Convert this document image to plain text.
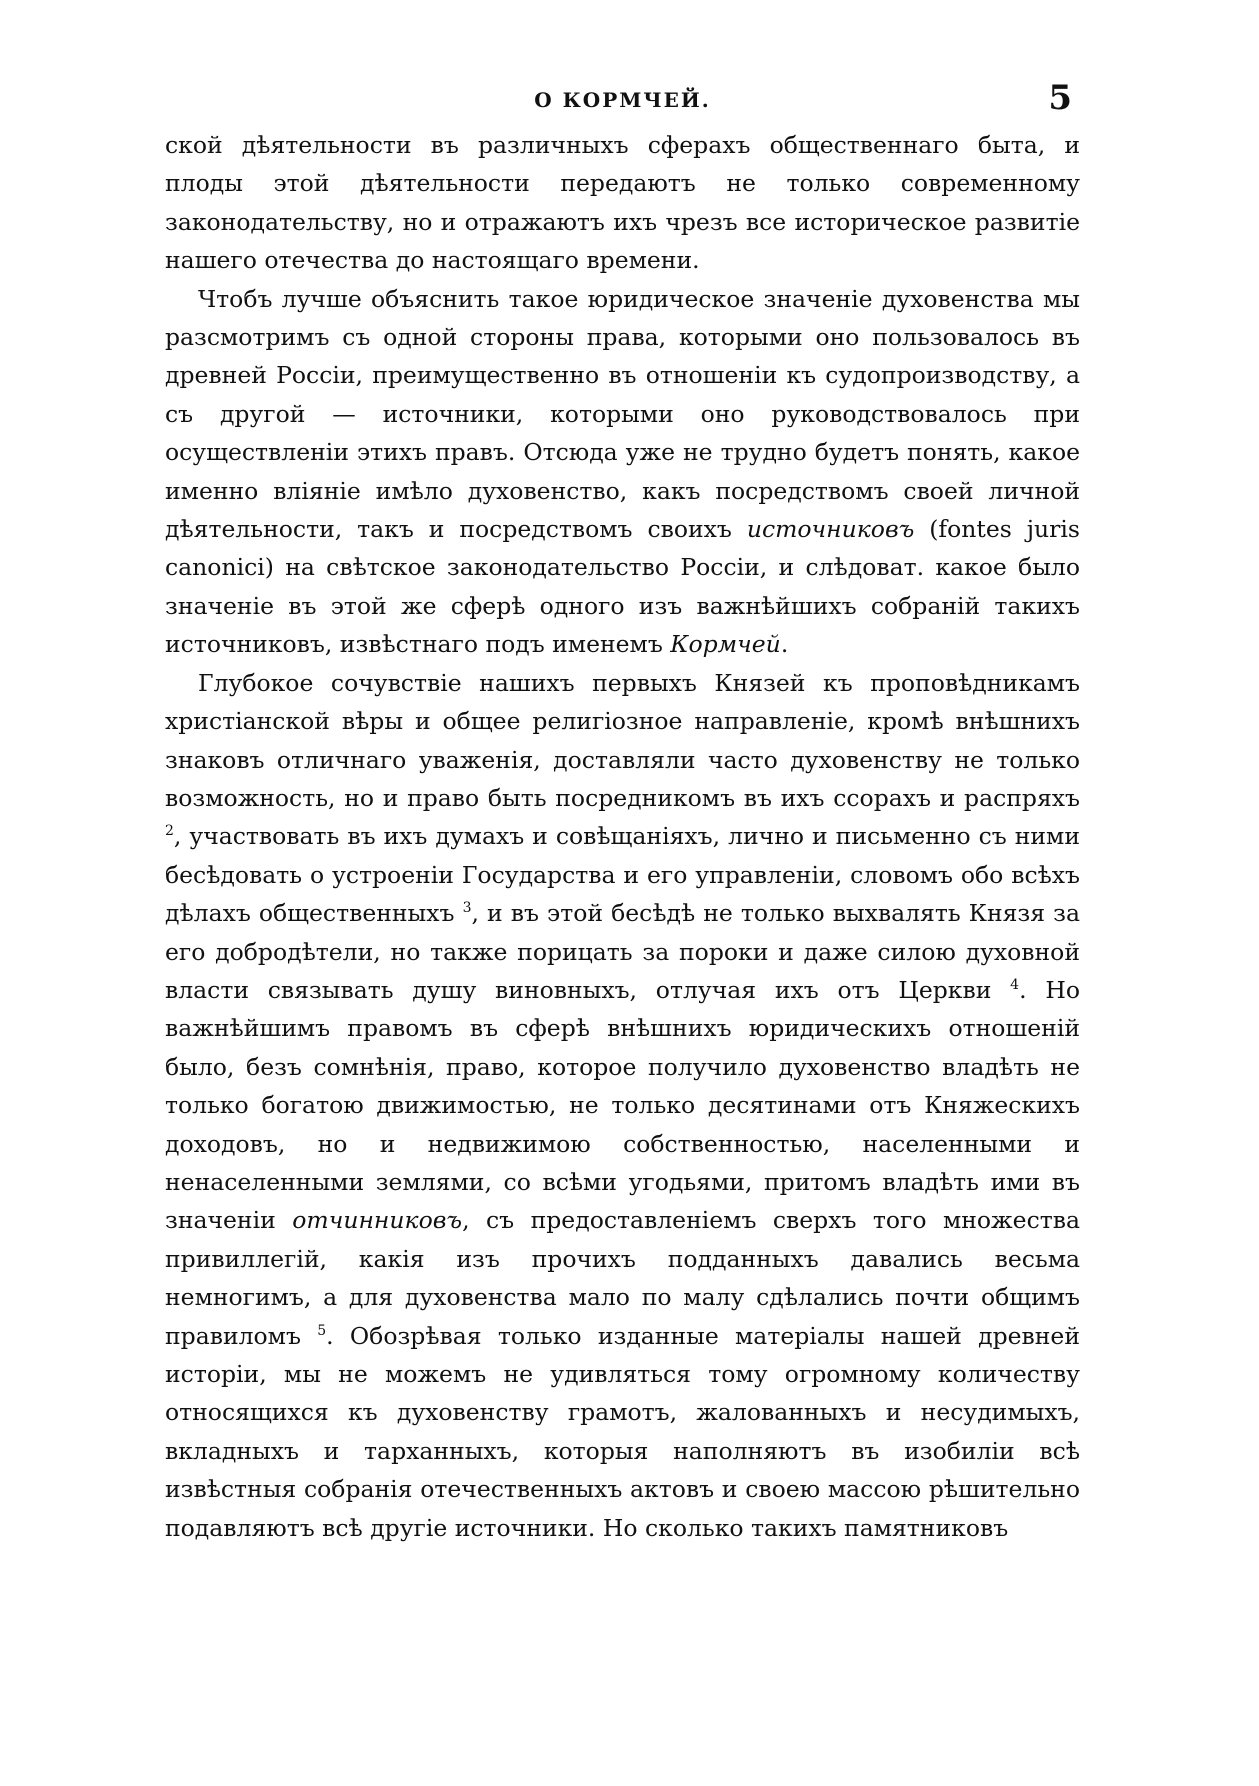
О КОРМЧЕЙ.	5

ской дѣятельности въ различныхъ сферахъ общественнаго быта, и плоды этой дѣятельности передаютъ не только современному законодательству, но и отражаютъ ихъ чрезъ все историческое развитiе нашего отечества до настоящаго времени.

Чтобъ лучше объяснить такое юридическое значенiе духовенства мы разсмотримъ съ одной стороны права, которыми оно пользовалось въ древней Россiи, преимущественно въ отношенiи къ судопроизводству, а съ другой — источники, которыми оно руководствовалось при осуществленiи этихъ правъ. Отсюда уже не трудно будетъ понять, какое именно влiянiе имѣло духовенство, какъ посредствомъ своей личной дѣятельности, такъ и посредствомъ своихъ источниковъ (fontes juris canonici) на свѣтское законодательство Россiи, и слѣдоват. какое было значенiе въ этой же сферѣ одного изъ важнѣйшихъ собранiй такихъ источниковъ, извѣстнаго подъ именемъ Кормчей.

Глубокое сочувствiе нашихъ первыхъ Князей къ проповѣдникамъ христiанской вѣры и общее религiозное направленiе, кромѣ внѣшнихъ знаковъ отличнаго уваженiя, доставляли часто духовенству не только возможность, но и право быть посредникомъ въ ихъ ссорахъ и распряхъ $^2$, участвовать въ ихъ думахъ и совѣщанiяхъ, лично и письменно съ ними бесѣдовать о устроенiи Государства и его управленiи, словомъ обо всѣхъ дѣлахъ общественныхъ $^3$, и въ этой бесѣдѣ не только выхвалять Князя за его добродѣтели, но также порицать за пороки и даже силою духовной власти связывать душу виновныхъ, отлучая ихъ отъ Церкви $^4$. Но важнѣйшимъ правомъ въ сферѣ внѣшнихъ юридическихъ отношенiй было, безъ сомнѣнiя, право, которое получило духовенство владѣть не только богатою движимостью, не только десятинами отъ Княжескихъ доходовъ, но и недвижимою собственностью, населенными и ненаселенными землями, со всѣми угодьями, притомъ владѣть ими въ значенiи отчинниковъ, съ предоставленiемъ сверхъ того множества привиллегiй, какiя изъ прочихъ подданныхъ давались весьма немногимъ, а для духовенства мало по малу сдѣлались почти общимъ правиломъ $^5$. Обозрѣвая только изданные матерiалы нашей древней исторiи, мы не можемъ не удивляться тому огромному количеству относящихся къ духовенству грамотъ, жалованныхъ и несудимыхъ, вкладныхъ и тарханныхъ, которыя наполняютъ въ изобилiи всѣ извѣстныя собранiя отечественныхъ актовъ и своею массою рѣшительно подавляютъ всѣ другiе источники. Но сколько такихъ памятниковъ
